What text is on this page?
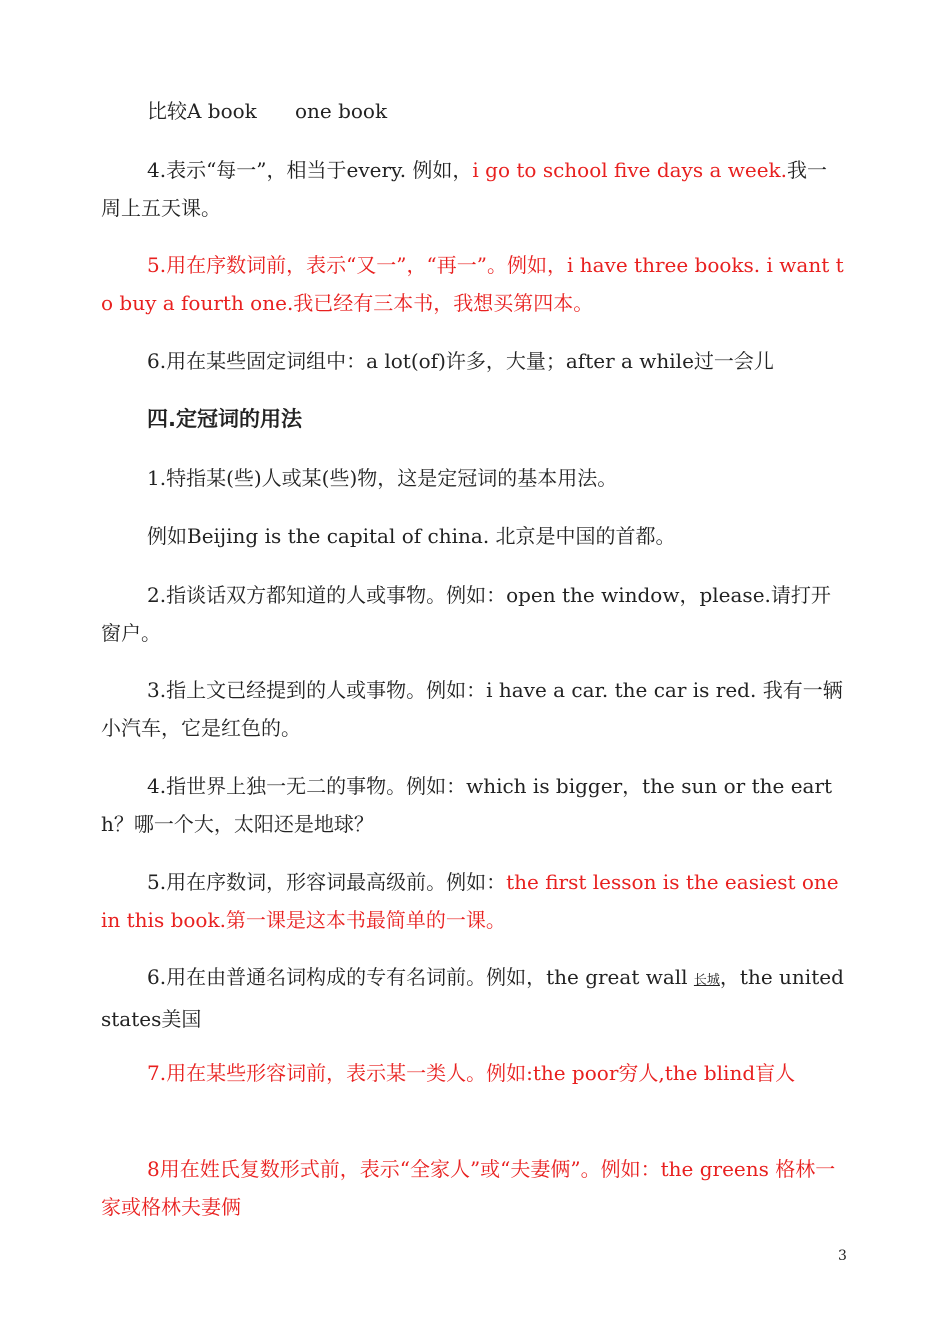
比较A book      one book

4.表示“每一”，相当于every. 例如，i go to school five days a week.我一周上五天课。

5.用在序数词前，表示“又一”，“再一”。例如，i have three books. i want to buy a fourth one.我已经有三本书，我想买第四本。

6.用在某些固定词组中：a lot(of)许多，大量；after a while过一会儿

四.定冠词的用法

1.特指某(些)人或某(些)物，这是定冠词的基本用法。

例如Beijing is the capital of china. 北京是中国的首都。

2.指谈话双方都知道的人或事物。例如：open the window，please.请打开窗户。

3.指上文已经提到的人或事物。例如：i have a car. the car is red. 我有一辆小汽车，它是红色的。

4.指世界上独一无二的事物。例如：which is bigger，the sun or the earth？哪一个大，太阳还是地球？

5.用在序数词，形容词最高级前。例如：the first lesson is the easiest one in this book.第一课是这本书最简单的一课。

6.用在由普通名词构成的专有名词前。例如，the great wall 长城，the united states美国

7.用在某些形容词前，表示某一类人。例如:the poor穷人,the blind盲人

8用在姓氏复数形式前，表示“全家人”或“夫妻俩”。例如：the greens 格林一家或格林夫妻俩

3
